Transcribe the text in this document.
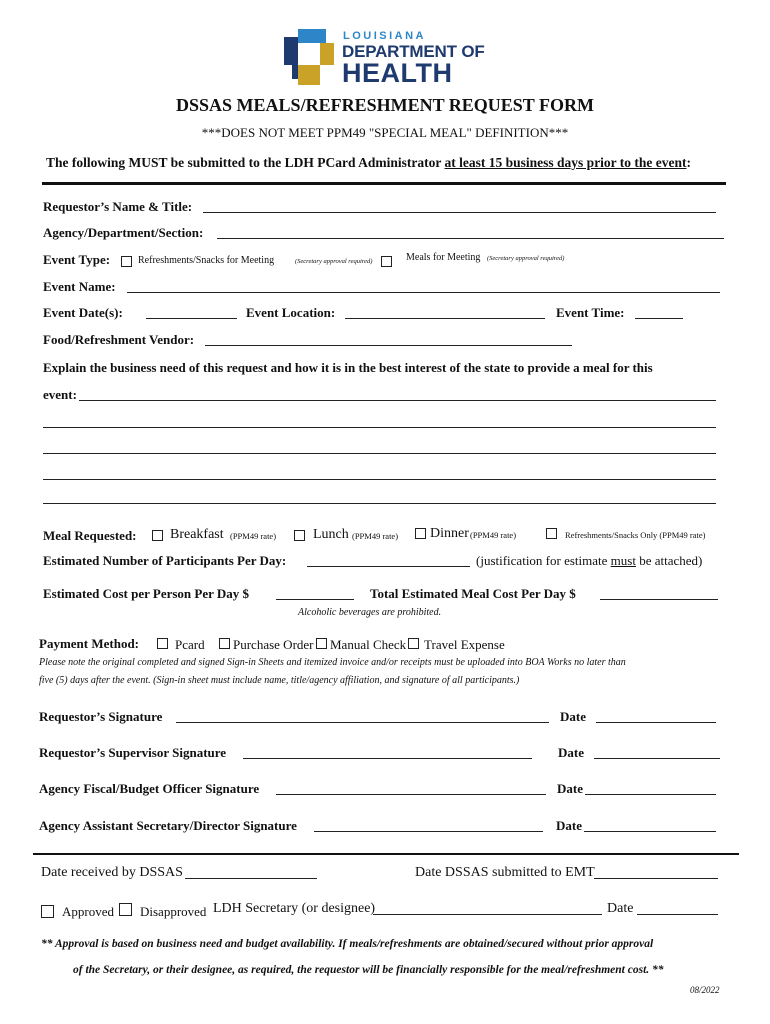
LOUISIANA
DEPARTMENT OF
HEALTH
DSSAS MEALS/REFRESHMENT REQUEST FORM
***DOES NOT MEET PPM49 "SPECIAL MEAL" DEFINITION***
The following MUST be submitted to the LDH PCard Administrator at least 15 business days prior to the event:
Requestor’s Name & Title:
Agency/Department/Section:
Event Type:	Refreshments/Snacks for Meeting	(Secretary approval required)	Meals for Meeting (Secretary approval required)
Event Name:
Event Date(s):	Event Location:	Event Time:
Food/Refreshment Vendor:
Explain the business need of this request and how it is in the best interest of the state to provide a meal for this
event:
Meal Requested: Breakfast (PPM49 rate)	Lunch (PPM49 rate) Dinner (PPM49 rate)	Refreshments/Snacks Only (PPM49 rate)
Estimated Number of Participants Per Day:	(justification for estimate must be attached)
Estimated Cost per Person Per Day $	Total Estimated Meal Cost Per Day $
Alcoholic beverages are prohibited.
Payment Method:	Pcard Purchase Order Manual Check Travel Expense
Please note the original completed and signed Sign-in Sheets and itemized invoice and/or receipts must be uploaded into BOA Works no later than
five (5) days after the event. (Sign-in sheet must include name, title/agency affiliation, and signature of all participants.)
Requestor’s Signature	Date
Requestor’s Supervisor Signature	Date
Agency Fiscal/Budget Officer Signature	Date
Agency Assistant Secretary/Director Signature	Date
Date received by DSSAS	Date DSSAS submitted to EMT
Approved Disapproved LDH Secretary (or designee)	Date
** Approval is based on business need and budget availability. If meals/refreshments are obtained/secured without prior approval
of the Secretary, or their designee, as required, the requestor will be financially responsible for the meal/refreshment cost. **
08/2022
